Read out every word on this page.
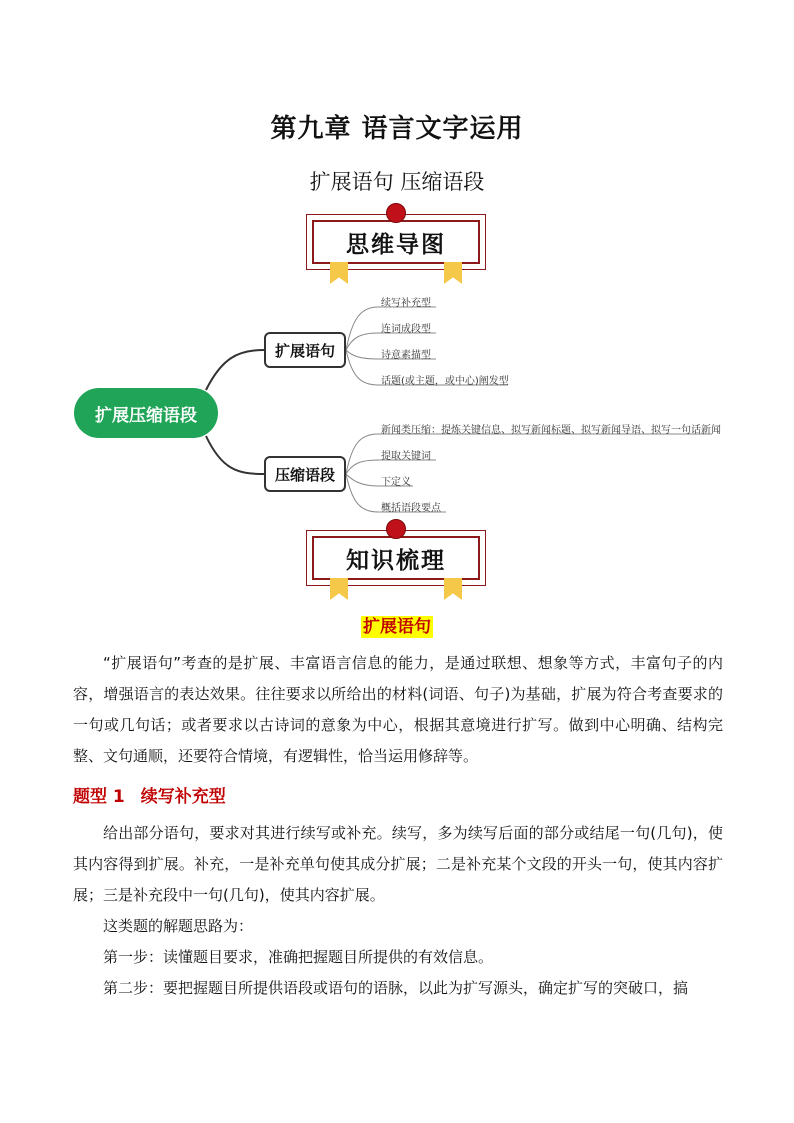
第九章 语言文字运用
扩展语句 压缩语段
思维导图
扩展压缩语段
扩展语句
压缩语段
续写补充型
连词成段型
诗意素描型
话题(或主题，或中心)阐发型
新闻类压缩：提炼关键信息、拟写新闻标题、拟写新闻导语、拟写一句话新闻
提取关键词
下定义
概括语段要点
知识梳理
扩展语句

“扩展语句”考查的是扩展、丰富语言信息的能力，是通过联想、想象等方式，丰富句子的内容，增强语言的表达效果。往往要求以所给出的材料(词语、句子)为基础，扩展为符合考查要求的一句或几句话；或者要求以古诗词的意象为中心，根据其意境进行扩写。做到中心明确、结构完整、文句通顺，还要符合情境，有逻辑性，恰当运用修辞等。

题型 1 续写补充型

给出部分语句，要求对其进行续写或补充。续写，多为续写后面的部分或结尾一句(几句)，使其内容得到扩展。补充，一是补充单句使其成分扩展；二是补充某个文段的开头一句，使其内容扩展；三是补充段中一句(几句)，使其内容扩展。

这类题的解题思路为：

第一步：读懂题目要求，准确把握题目所提供的有效信息。

第二步：要把握题目所提供语段或语句的语脉，以此为扩写源头，确定扩写的突破口，搞
